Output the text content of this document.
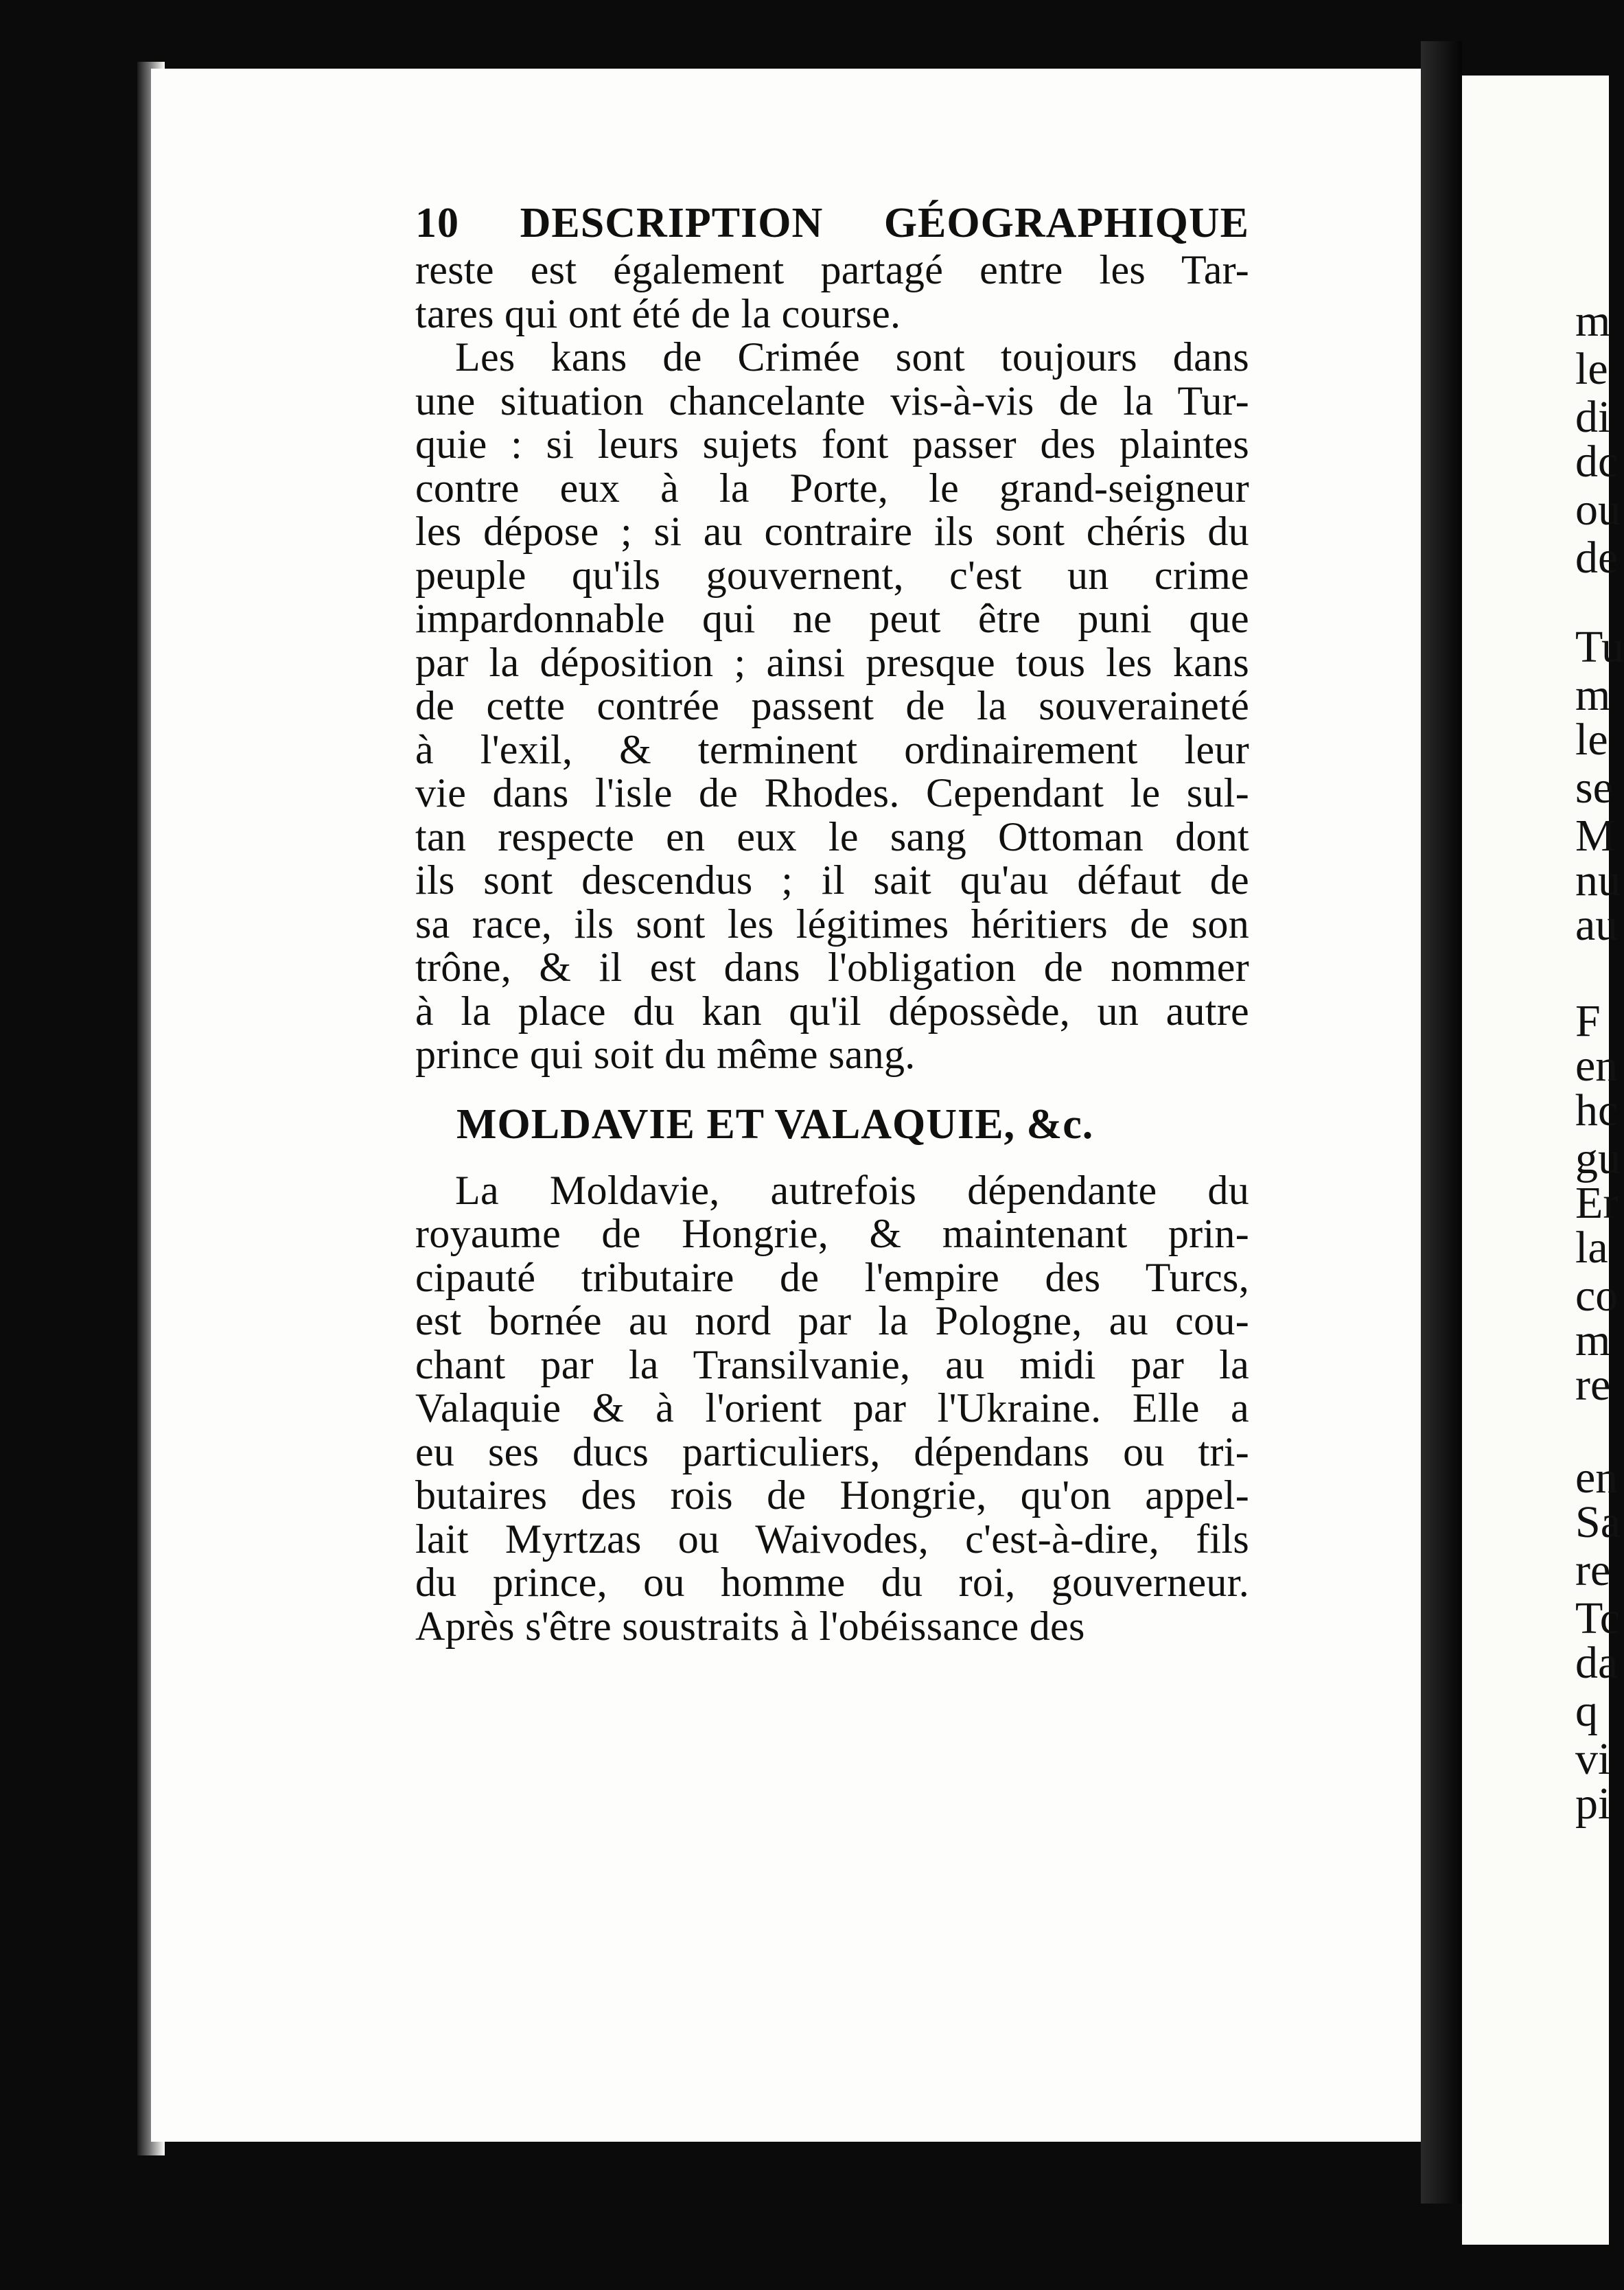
m
le
di
dc
ou
de
Tu
m
le
se
M
nu
au
F
en
hc
gu
Er
la
co
m
re
en
Sa
re
Tc
da
q
vi
pi
10 DESCRIPTION GÉOGRAPHIQUE
reste est également partagé entre les Tar-
tares qui ont été de la course.
Les kans de Crimée sont toujours dans
une situation chancelante vis-à-vis de la Tur-
quie : si leurs sujets font passer des plaintes
contre eux à la Porte, le grand-seigneur
les dépose ; si au contraire ils sont chéris du
peuple qu'ils gouvernent, c'est un crime
impardonnable qui ne peut être puni que
par la déposition ; ainsi presque tous les kans
de cette contrée passent de la souveraineté
à l'exil, & terminent ordinairement leur
vie dans l'isle de Rhodes. Cependant le sul-
tan respecte en eux le sang Ottoman dont
ils sont descendus ; il sait qu'au défaut de
sa race, ils sont les légitimes héritiers de son
trône, & il est dans l'obligation de nommer
à la place du kan qu'il dépossède, un autre
prince qui soit du même sang.
MOLDAVIE ET VALAQUIE, &c.
La Moldavie, autrefois dépendante du
royaume de Hongrie, & maintenant prin-
cipauté tributaire de l'empire des Turcs,
est bornée au nord par la Pologne, au cou-
chant par la Transilvanie, au midi par la
Valaquie & à l'orient par l'Ukraine. Elle a
eu ses ducs particuliers, dépendans ou tri-
butaires des rois de Hongrie, qu'on appel-
lait Myrtzas ou Waivodes, c'est-à-dire, fils
du prince, ou homme du roi, gouverneur.
Après s'être soustraits à l'obéissance des
